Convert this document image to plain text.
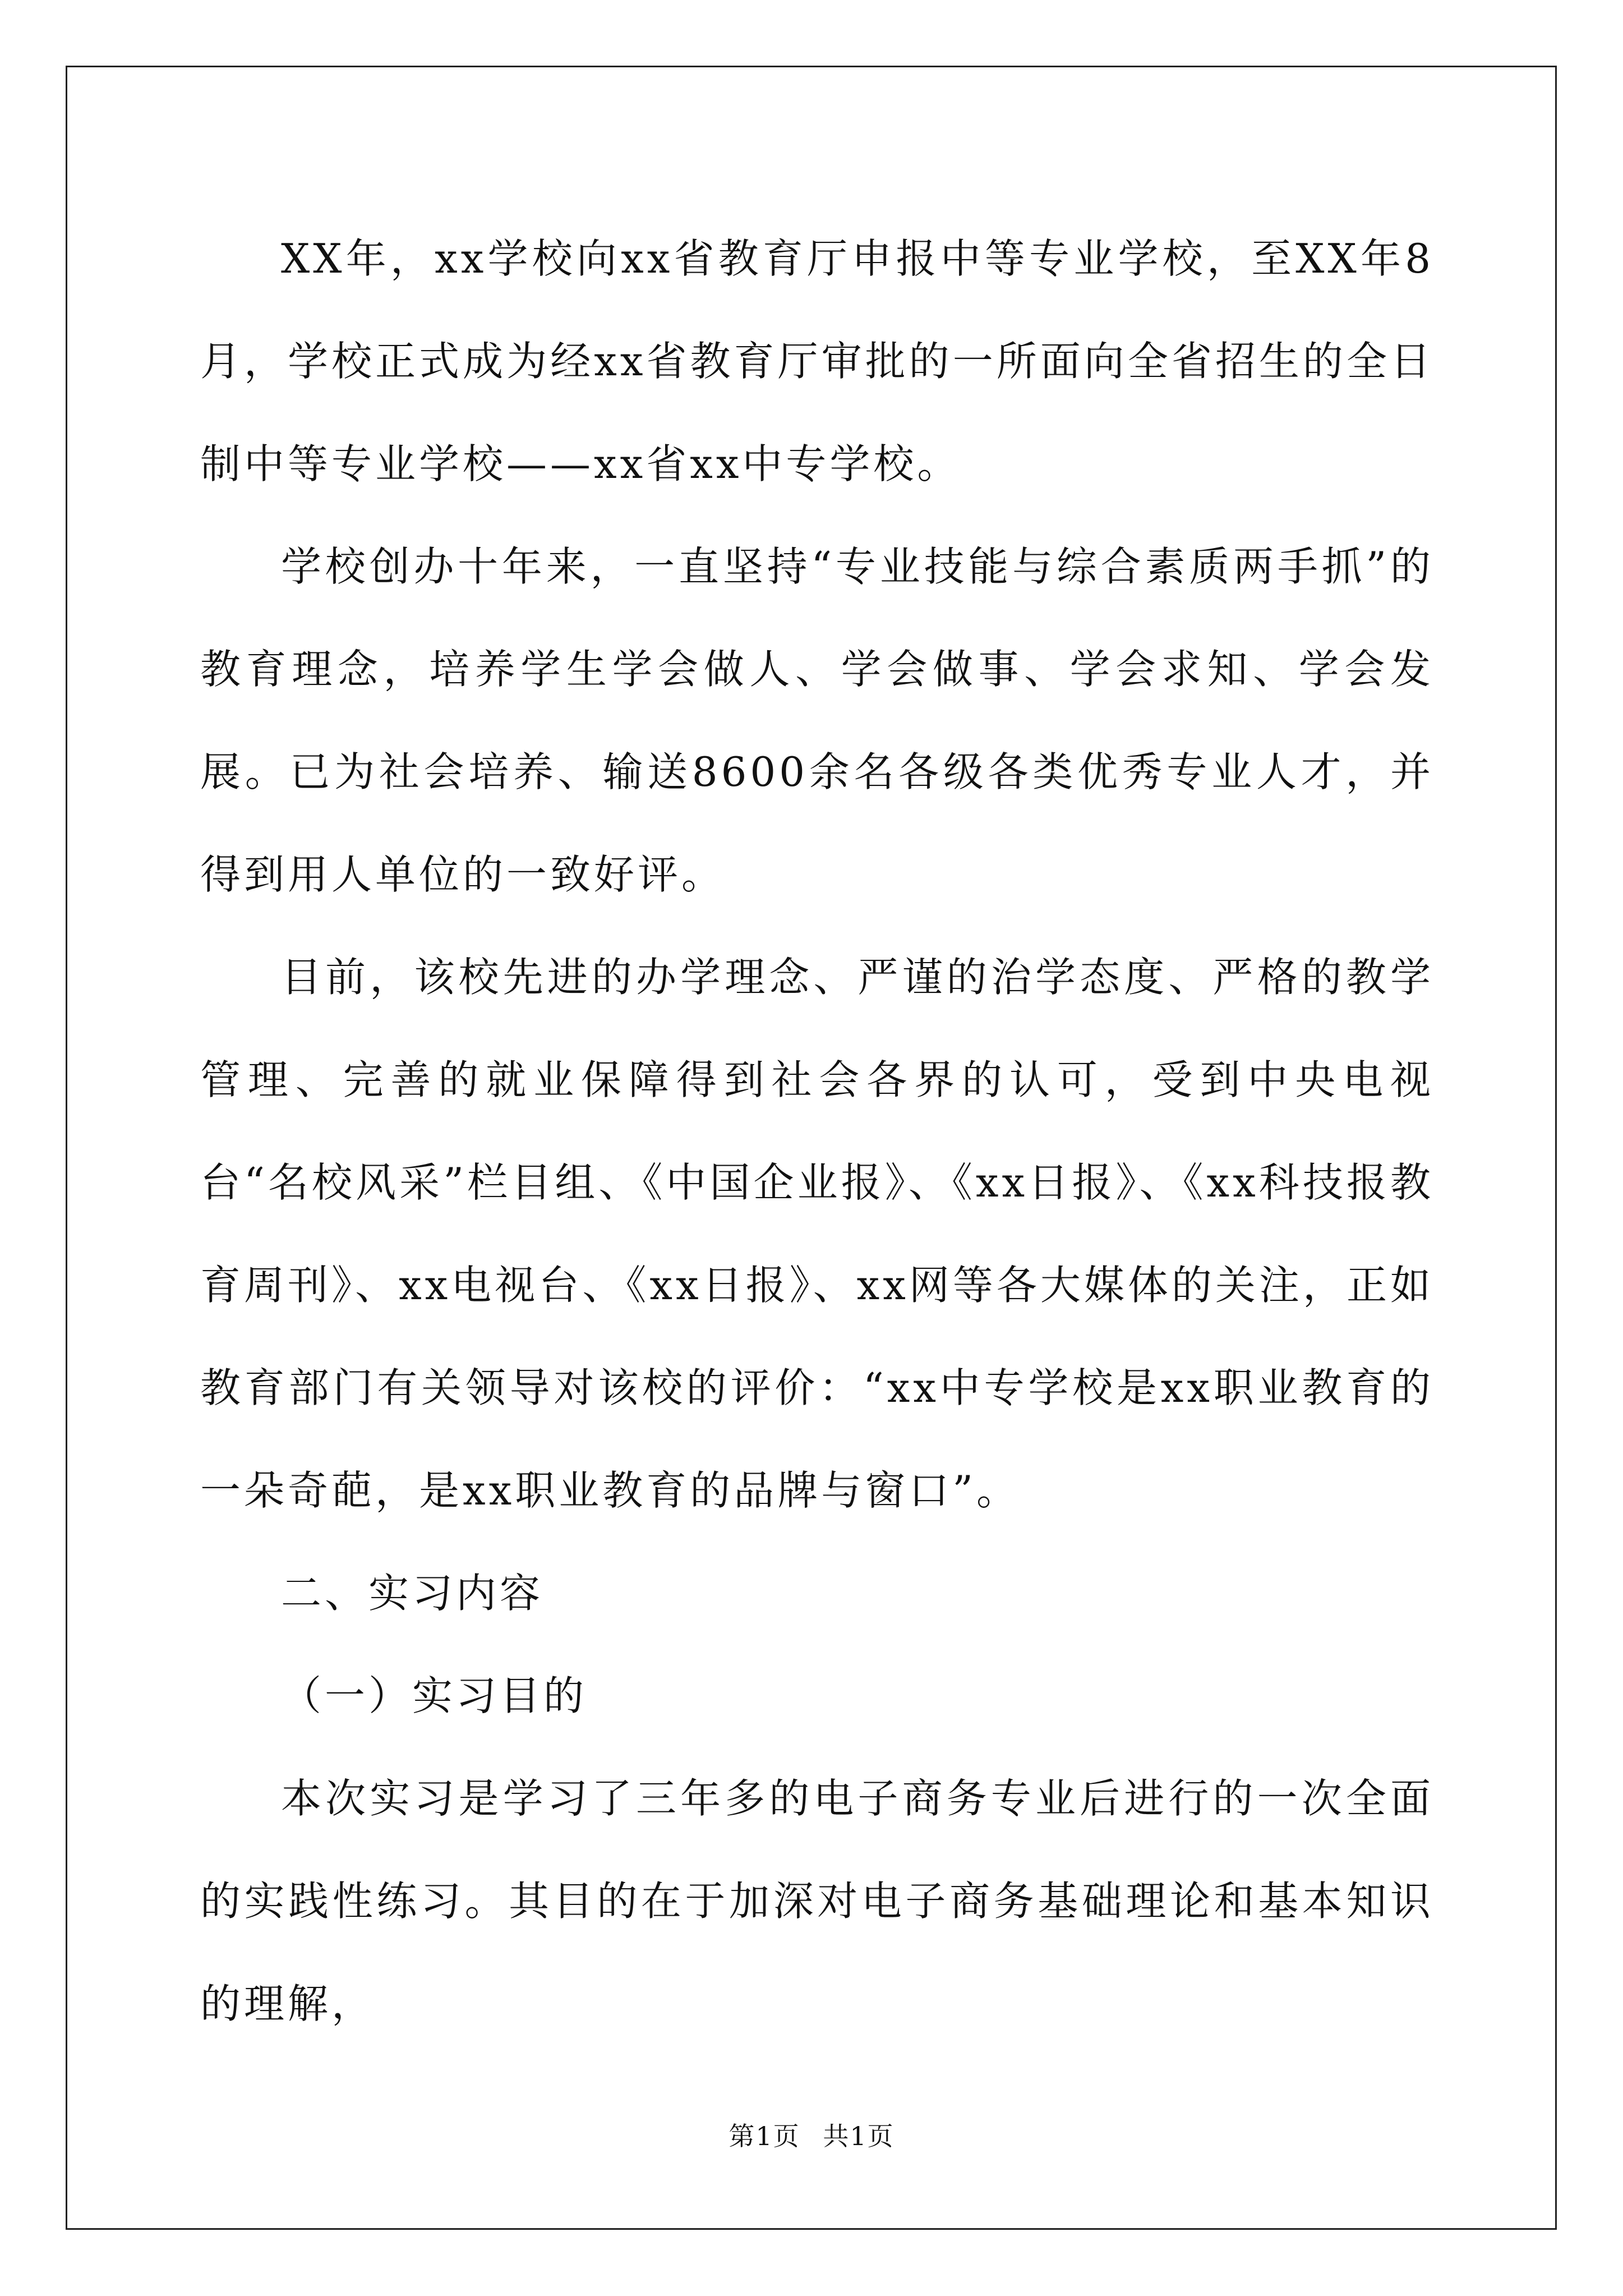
XX年，xx学校向xx省教育厅申报中等专业学校，至XX年8月，学校正式成为经xx省教育厅审批的一所面向全省招生的全日制中等专业学校——xx省xx中专学校。

学校创办十年来，一直坚持“专业技能与综合素质两手抓”的教育理念，培养学生学会做人、学会做事、学会求知、学会发展。已为社会培养、输送8600余名各级各类优秀专业人才，并得到用人单位的一致好评。

目前，该校先进的办学理念、严谨的治学态度、严格的教学管理、完善的就业保障得到社会各界的认可，受到中央电视台“名校风采”栏目组、《中国企业报》、《xx日报》、《xx科技报教育周刊》、xx电视台、《xx日报》、xx网等各大媒体的关注，正如教育部门有关领导对该校的评价：“xx中专学校是xx职业教育的一朵奇葩，是xx职业教育的品牌与窗口”。

二、实习内容

（一）实习目的

本次实习是学习了三年多的电子商务专业后进行的一次全面的实践性练习。其目的在于加深对电子商务基础理论和基本知识的理解，

第1页 共1页
